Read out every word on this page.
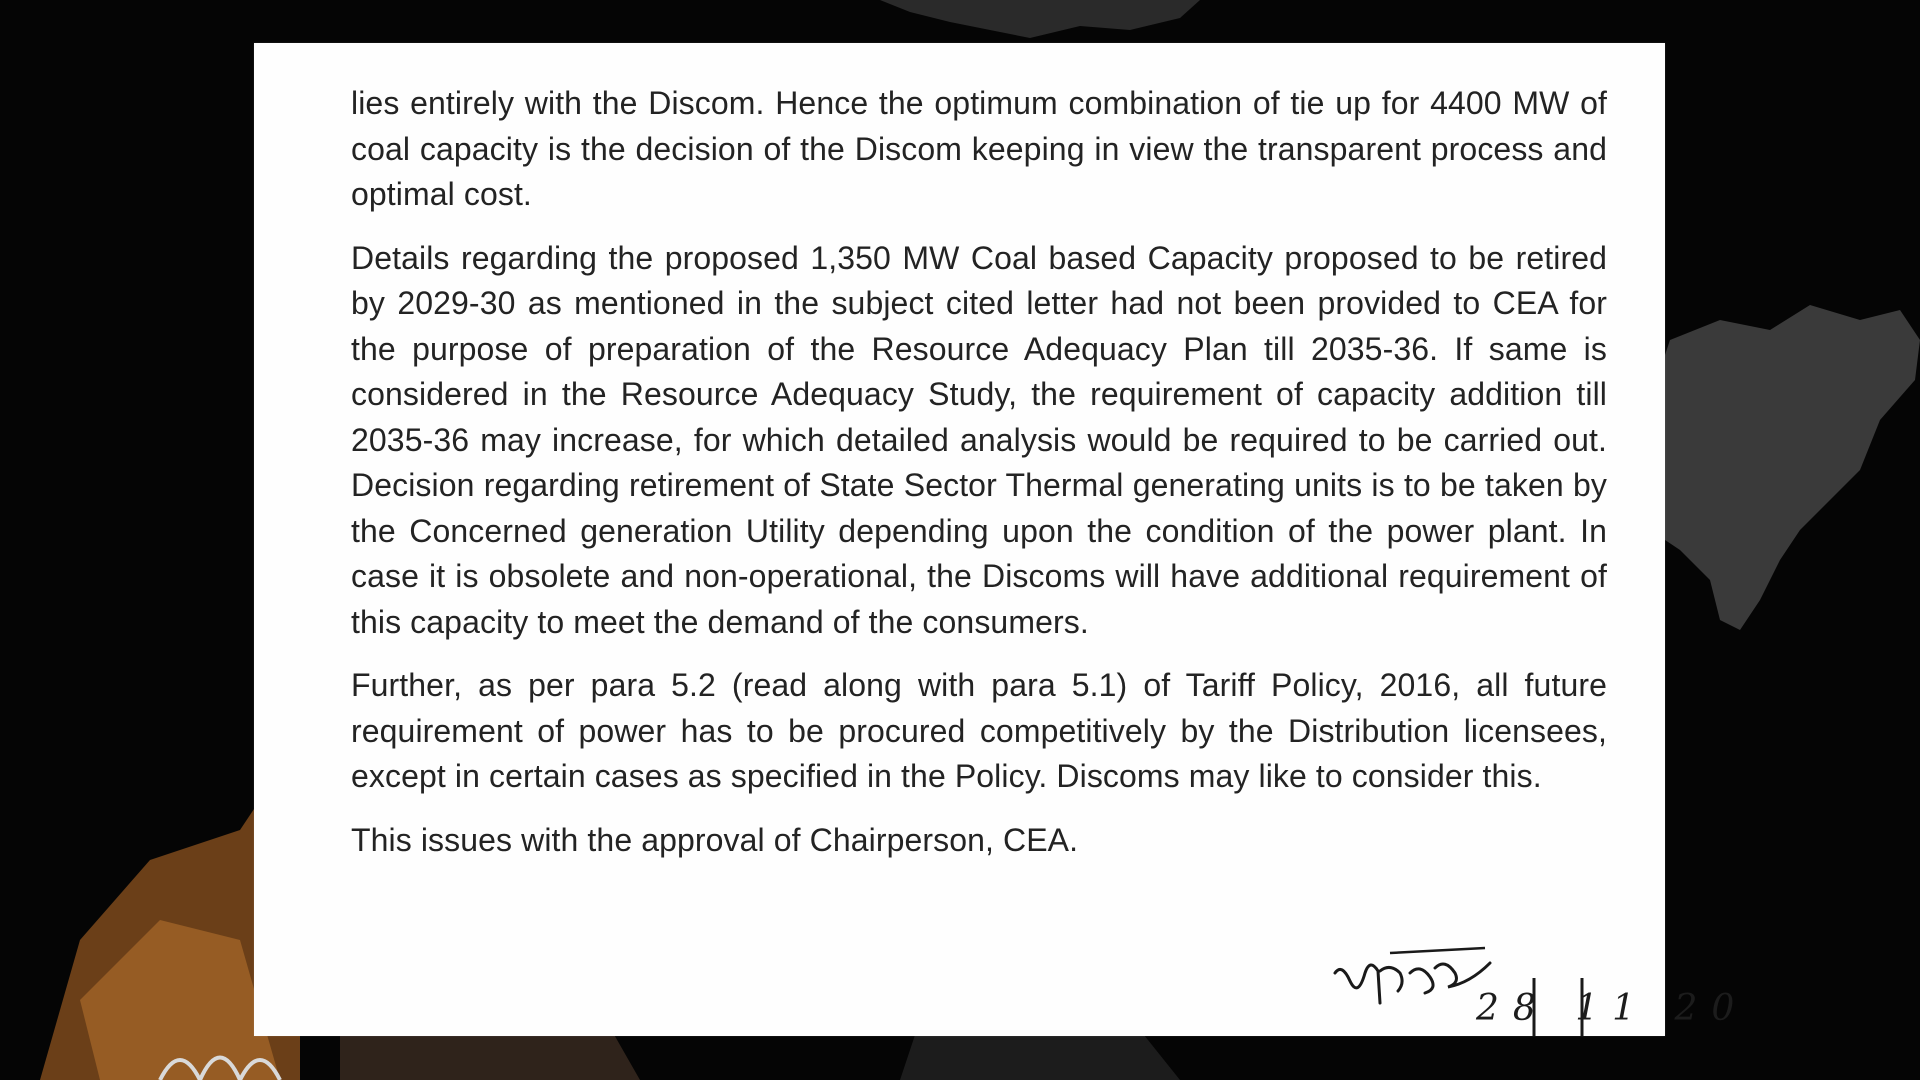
lies entirely with the Discom. Hence the optimum combination of tie up for 4400 MW of coal capacity is the decision of the Discom keeping in view the transparent process and optimal cost.

Details regarding the proposed 1,350 MW Coal based Capacity proposed to be retired by 2029-30 as mentioned in the subject cited letter had not been provided to CEA for the purpose of preparation of the Resource Adequacy Plan till 2035-36. If same is considered in the Resource Adequacy Study, the requirement of capacity addition till 2035-36 may increase, for which detailed analysis would be required to be carried out. Decision regarding retirement of State Sector Thermal generating units is to be taken by the Concerned generation Utility depending upon the condition of the power plant. In case it is obsolete and non-operational, the Discoms will have additional requirement of this capacity to meet the demand of the consumers.

Further, as per para 5.2 (read along with para 5.1) of Tariff Policy, 2016, all future requirement of power has to be procured competitively by the Distribution licensees, except in certain cases as specified in the Policy. Discoms may like to consider this.

This issues with the approval of Chairperson, CEA.

28 11 20
